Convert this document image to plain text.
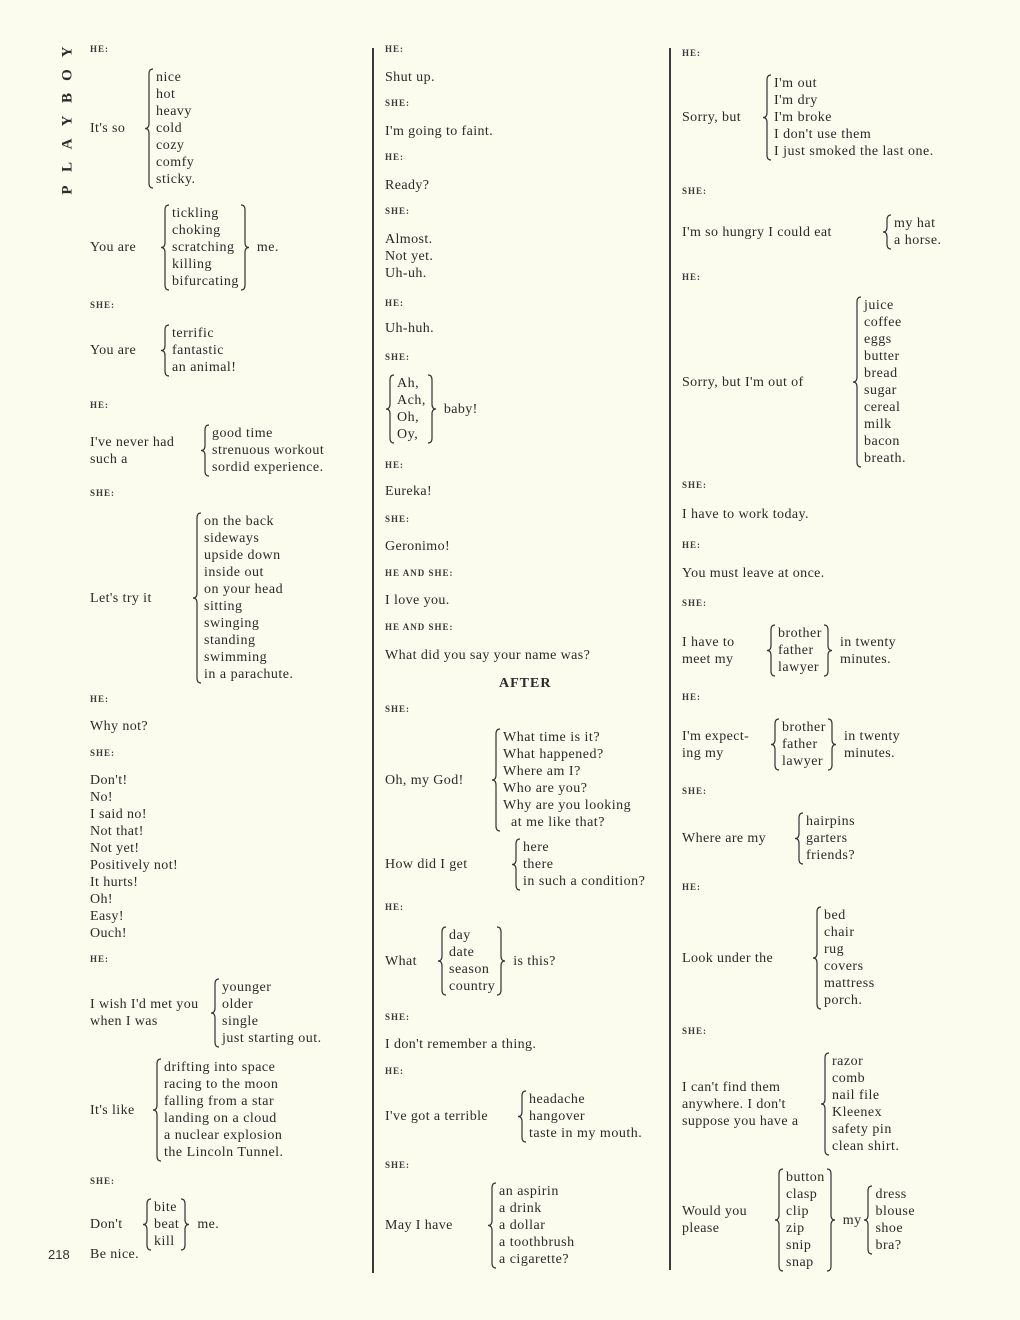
Y
O
B
Y
A
L
P
218
HE:
It's so
nice
hot
heavy
cold
cozy
comfy
sticky.
You are
tickling
choking
scratching
killing
bifurcating
me.
SHE:
You are
terrific
fantastic
an animal!
HE:
I've never had such a
good time
strenuous workout
sordid experience.
SHE:
Let's try it
on the back
sideways
upside down
inside out
on your head
sitting
swinging
standing
swimming
in a parachute.
HE:
Why not?
SHE:
Don't!
No!
I said no!
Not that!
Not yet!
Positively not!
It hurts!
Oh!
Easy!
Ouch!
HE:
I wish I'd met you when I was
younger
older
single
just starting out.
It's like
drifting into space
racing to the moon
falling from a star
landing on a cloud
a nuclear explosion
the Lincoln Tunnel.
SHE:
Don't
bite
beat
kill
me.
Be nice.
HE:
Shut up.
SHE:
I'm going to faint.
HE:
Ready?
SHE:
Almost.
Not yet.
Uh-uh.
HE:
Uh-huh.
SHE:
Ah,
Ach,
Oh,
Oy,
baby!
HE:
Eureka!
SHE:
Geronimo!
HE AND SHE:
I love you.
HE AND SHE:
What did you say your name was?
SHE:
Oh, my God!
What time is it?
What happened?
Where am I?
Who are you?
Why are you looking
at me like that?
How did I get
here
there
in such a condition?
HE:
What
day
date
season
country
is this?
SHE:
I don't remember a thing.
HE:
I've got a terrible
headache
hangover
taste in my mouth.
SHE:
May I have
an aspirin
a drink
a dollar
a toothbrush
a cigarette?
HE:
Sorry, but
I'm out
I'm dry
I'm broke
I don't use them
I just smoked the last one.
SHE:
I'm so hungry I could eat
my hat
a horse.
HE:
Sorry, but I'm out of
juice
coffee
eggs
butter
bread
sugar
cereal
milk
bacon
breath.
SHE:
I have to work today.
HE:
You must leave at once.
SHE:
I have to meet my
brother
father
lawyer
in twenty minutes.
HE:
I'm expect-ing my
brother
father
lawyer
in twenty minutes.
SHE:
Where are my
hairpins
garters
friends?
HE:
Look under the
bed
chair
rug
covers
mattress
porch.
SHE:
I can't find them anywhere. I don't suppose you have a
razor
comb
nail file
Kleenex
safety pin
clean shirt.
Would you please
button
clasp
clip
zip
snip
snap
my
dress
blouse
shoe
bra?
AFTER
